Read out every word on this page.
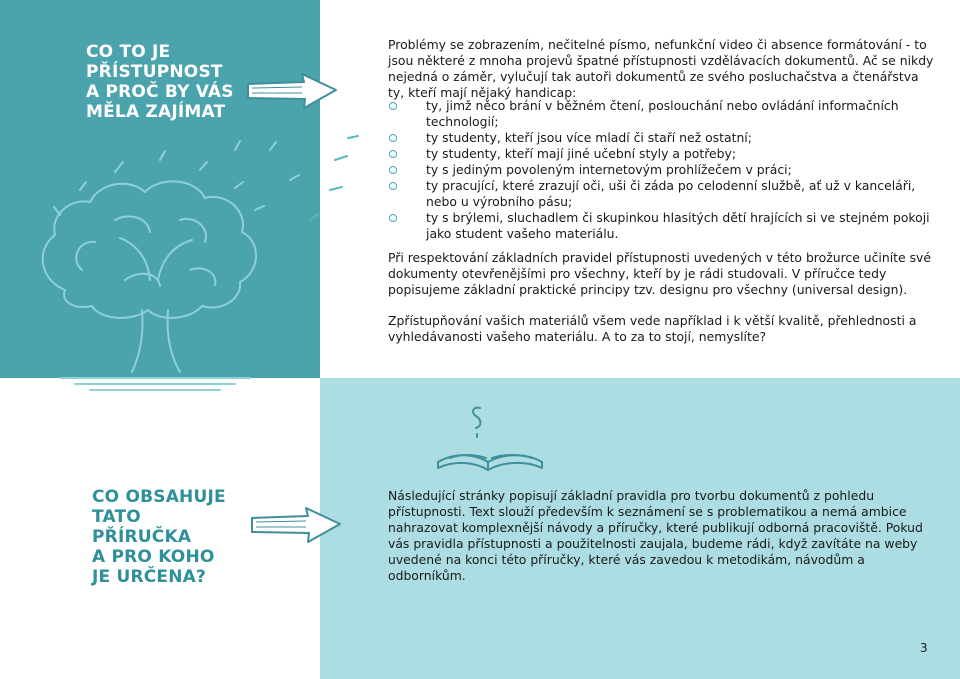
CO TO JE
PŘÍSTUPNOST
A PROČ BY VÁS
MĚLA ZAJÍMAT

Problémy se zobrazením, nečitelné písmo, nefunkční video či absence formátování - to jsou některé z mnoha projevů špatné přístupnosti vzdělávacích dokumentů. Ač se nikdy nejedná o záměr, vylučují tak autoři dokumentů ze svého posluchačstva a čtenářstva ty, kteří mají nějaký handicap:

ty, jimž něco brání v běžném čtení, poslouchání nebo ovládání informačních technologií;
ty studenty, kteří jsou více mladí či staří než ostatní;
ty studenty, kteří mají jiné učební styly a potřeby;
ty s jediným povoleným internetovým prohlížečem v práci;
ty pracující, které zrazují oči, uši či záda po celodenní službě, ať už v kanceláři, nebo u výrobního pásu;
ty s brýlemi, sluchadlem či skupinkou hlasitých dětí hrajících si ve stejném pokoji jako student vašeho materiálu.

Při respektování základních pravidel přístupnosti uvedených v této brožurce učiníte své dokumenty otevřenějšími pro všechny, kteří by je rádi studovali. V příručce tedy popisujeme základní praktické principy tzv. designu pro všechny (universal design).

Zpřístupňování vašich materiálů všem vede například i k větší kvalitě, přehlednosti a vyhledávanosti vašeho materiálu. A to za to stojí, nemyslíte?

CO OBSAHUJE
TATO PŘÍRUČKA
A PRO KOHO
JE URČENA?

Následující stránky popisují základní pravidla pro tvorbu dokumentů z pohledu přístupnosti. Text slouží především k seznámení se s problematikou a nemá ambice nahrazovat komplexnější návody a příručky, které publikují odborná pracoviště. Pokud vás pravidla přístupnosti a použitelnosti zaujala, budeme rádi, když zavítáte na weby uvedené na konci této příručky, které vás zavedou k metodikám, návodům a odborníkům.

3
